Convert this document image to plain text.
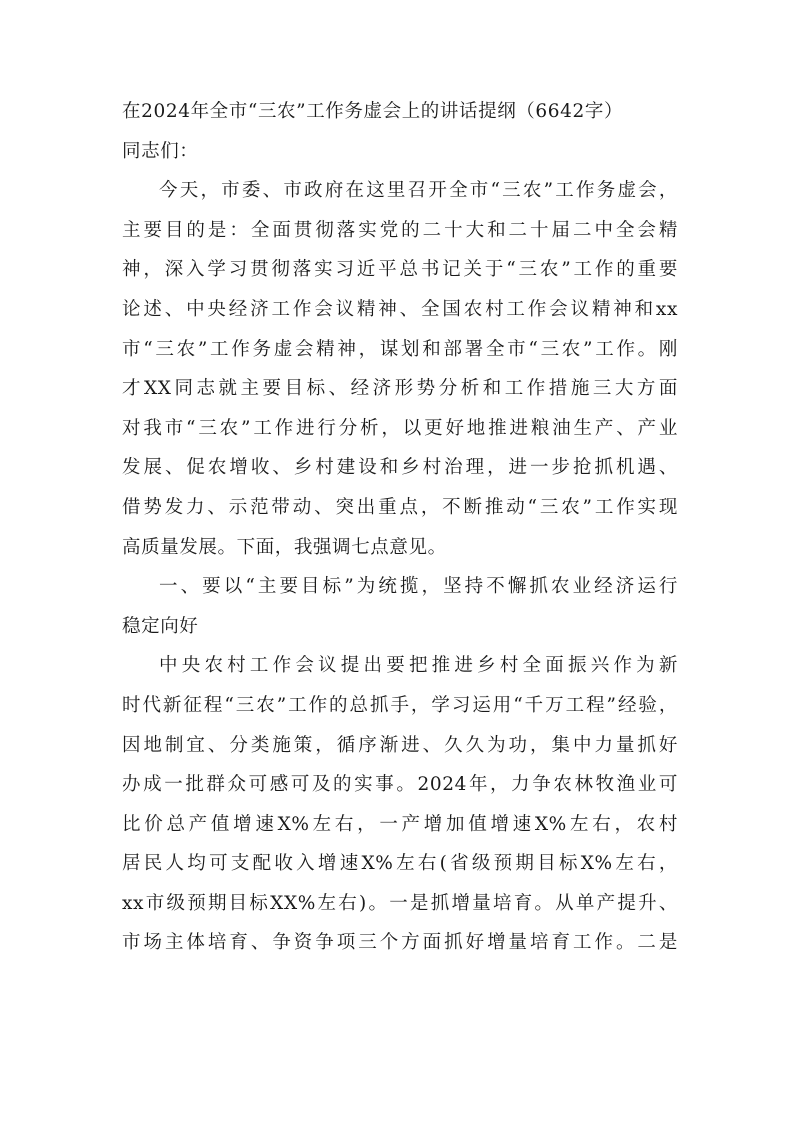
在2024年全市“三农”工作务虚会上的讲话提纲（6642字）
同志们：
今天，市委、市政府在这里召开全市“三农”工作务虚会，
主要目的是：全面贯彻落实党的二十大和二十届二中全会精
神，深入学习贯彻落实习近平总书记关于“三农”工作的重要
论述、中央经济工作会议精神、全国农村工作会议精神和xx
市“三农”工作务虚会精神，谋划和部署全市“三农”工作。刚
才XX同志就主要目标、经济形势分析和工作措施三大方面
对我市“三农”工作进行分析，以更好地推进粮油生产、产业
发展、促农增收、乡村建设和乡村治理，进一步抢抓机遇、
借势发力、示范带动、突出重点，不断推动“三农”工作实现
高质量发展。下面，我强调七点意见。
一、要以“主要目标”为统揽，坚持不懈抓农业经济运行
稳定向好
中央农村工作会议提出要把推进乡村全面振兴作为新
时代新征程“三农”工作的总抓手，学习运用“千万工程”经验，
因地制宜、分类施策，循序渐进、久久为功，集中力量抓好
办成一批群众可感可及的实事。2024年，力争农林牧渔业可
比价总产值增速X%左右，一产增加值增速X%左右，农村
居民人均可支配收入增速X%左右(省级预期目标X%左右，
xx市级预期目标XX%左右)。一是抓增量培育。从单产提升、
市场主体培育、争资争项三个方面抓好增量培育工作。二是
